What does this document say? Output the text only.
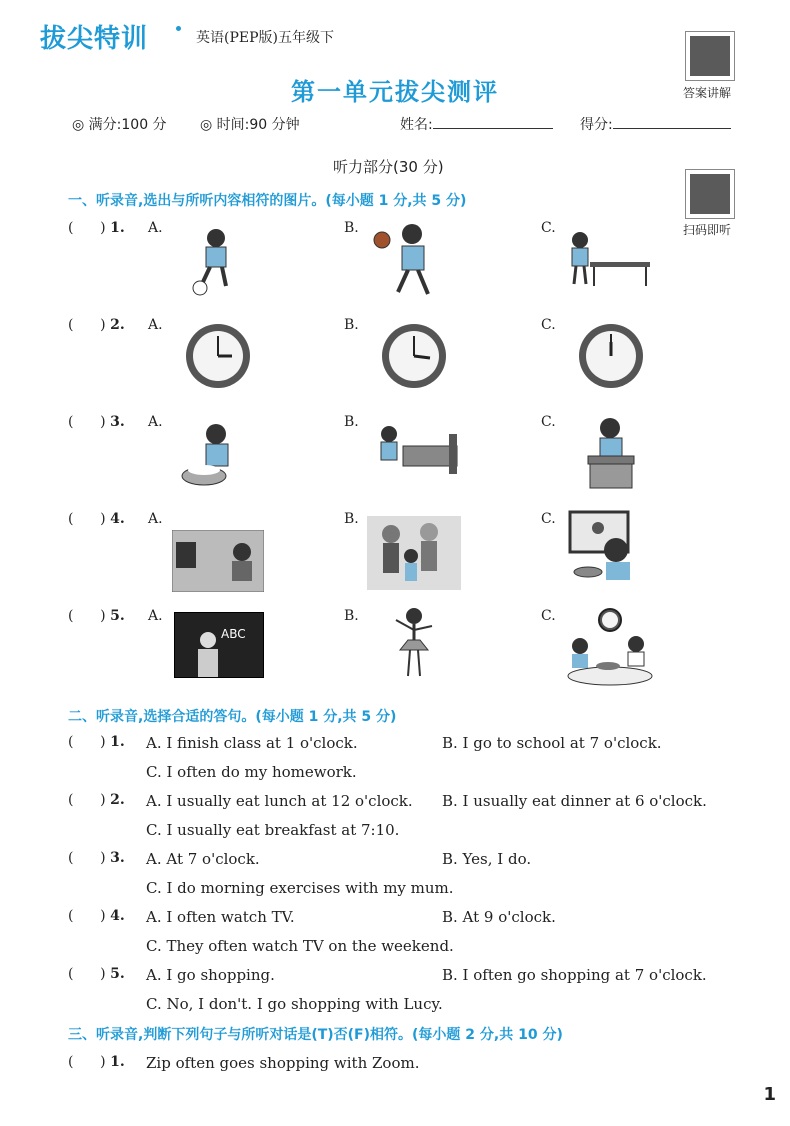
拔尖特训	英语(PEP版)五年级下
答案讲解
第一单元拔尖测评
◎ 满分:100 分 ◎ 时间:90 分钟	姓名:	得分:
听力部分(30 分)
扫码即听
一、听录音,选出与所听内容相符的图片。(每小题 1 分,共 5 分)
(      ) 1. A.	B.	C.
(      ) 2. A.	B.	C.
(      ) 3. A.	B.	C.
(      ) 4. A.	B.	C.
(      ) 5. A.	B.	C.
ABC
二、听录音,选择合适的答句。(每小题 1 分,共 5 分)
(      ) 1. A. I finish class at 1 o'clock.	B. I go to school at 7 o'clock.
C. I often do my homework.
(      ) 2. A. I usually eat lunch at 12 o'clock. B. I usually eat dinner at 6 o'clock.
C. I usually eat breakfast at 7:10.
(      ) 3. A. At 7 o'clock.	B. Yes, I do.
C. I do morning exercises with my mum.
(      ) 4. A. I often watch TV.	B. At 9 o'clock.
C. They often watch TV on the weekend.
(      ) 5. A. I go shopping.	B. I often go shopping at 7 o'clock.
C. No, I don't. I go shopping with Lucy.
三、听录音,判断下列句子与所听对话是(T)否(F)相符。(每小题 2 分,共 10 分)
(      ) 1. Zip often goes shopping with Zoom.
1
